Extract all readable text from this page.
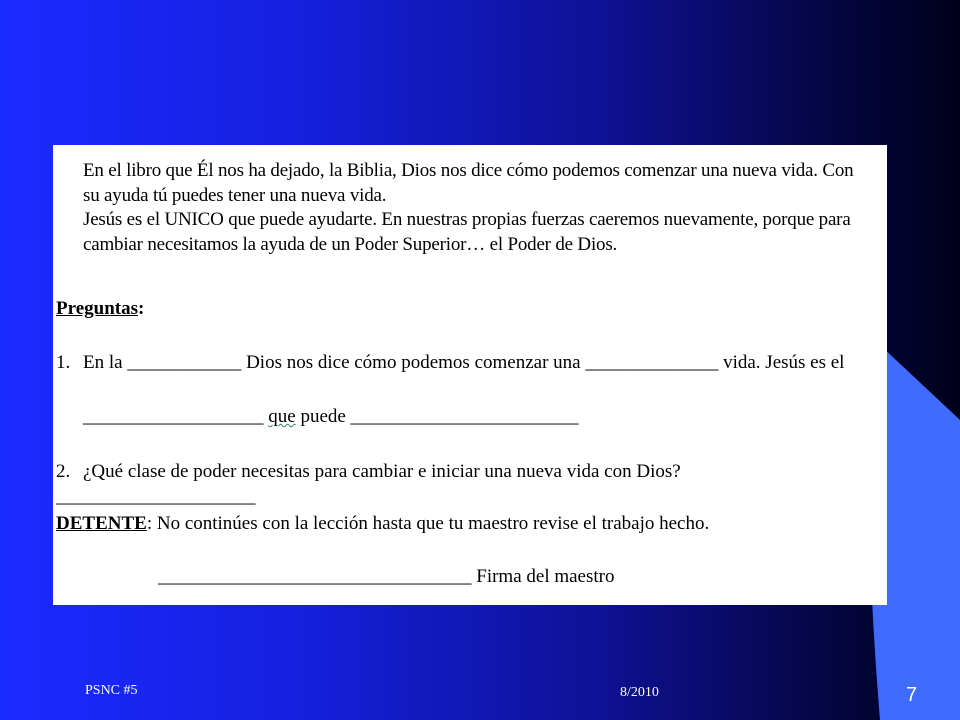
En el libro que Él nos ha dejado, la Biblia, Dios nos dice cómo podemos comenzar una nueva vida. Con su ayuda tú puedes tener una nueva vida.

Jesús es el UNICO que puede ayudarte. En nuestras propias fuerzas caeremos nuevamente, porque para cambiar necesitamos la ayuda de un Poder Superior… el Poder de Dios.

Preguntas:
1. En la ____________ Dios nos dice cómo podemos comenzar una ______________ vida. Jesús es el
___________________ que puede ________________________
2. ¿Qué clase de poder necesitas para cambiar e iniciar una nueva vida con Dios? _____________________
DETENTE: No continúes con la lección hasta que tu maestro revise el trabajo hecho.
_________________________________ Firma del maestro
PSNC #5	8/2010	7
